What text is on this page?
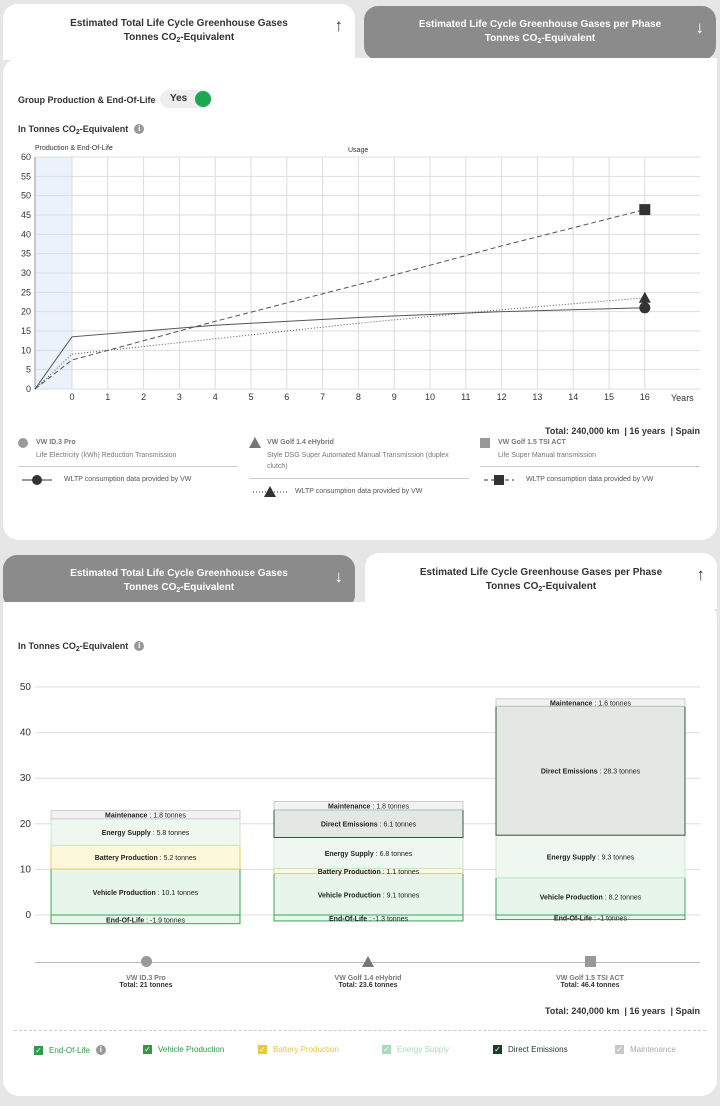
Estimated Total Life Cycle Greenhouse Gases
Tonnes $CO_2$-Equivalent
↑	Estimated Life Cycle Greenhouse Gases per Phase
Tonnes $CO_2$-Equivalent
↓
Group Production & End-Of-Life Yes
In Tonnes $CO_2$-Equivalent i
Production & End-Of-Life	Usage
0
5
10
15
20
25
30
35
40
45
50
55
60
0	1	2	3	4	5	6	7	8	9	10	11	12	13	14	15	16 Years
Total: 240,000 km  | 16 years  | Spain
VW ID.3 Pro
Life Electricity (kWh) Reduction Transmission
WLTP consumption data provided by VW
VW Golf 1.4 eHybrid
Style DSG Super Automated Manual Transmission (duplex clutch)
WLTP consumption data provided by VW
VW Golf 1.5 TSI ACT
Life Super Manual transmission
WLTP consumption data provided by VW
Estimated Total Life Cycle Greenhouse Gases
Tonnes $CO_2$-Equivalent
↓	Estimated Life Cycle Greenhouse Gases per Phase
Tonnes $CO_2$-Equivalent
↑
In Tonnes $CO_2$-Equivalent i
0
10
20
30
40
50
End-Of-Life : -1.9 tonnes
Vehicle Production : 10.1 tonnes
Battery Production : 5.2 tonnes
Energy Supply : 5.8 tonnes
Maintenance : 1.8 tonnes
End-Of-Life : -1.3 tonnes
Vehicle Production : 9.1 tonnes
Battery Production : 1.1 tonnes
Energy Supply : 6.8 tonnes
Direct Emissions : 6.1 tonnes
Maintenance : 1.8 tonnes
End-Of-Life : -1 tonnes
Vehicle Production : 8.2 tonnes
Energy Supply : 9.3 tonnes
Direct Emissions : 28.3 tonnes
Maintenance : 1.6 tonnes
VW ID.3 Pro
Total: 21 tonnes
VW Golf 1.4 eHybrid
Total: 23.6 tonnes
VW Golf 1.5 TSI ACT
Total: 46.4 tonnes
Total: 240,000 km  | 16 years  | Spain
✓ End-Of-Life	i	✓ Vehicle Production	✓ Battery Production	✓ Energy Supply	✓ Direct Emissions	✓ Maintenance
